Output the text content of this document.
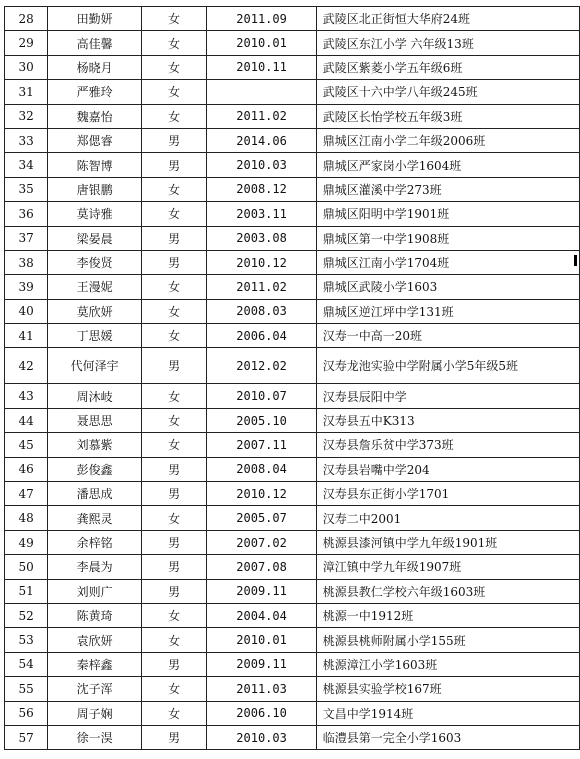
28	田勤妍	女	2011.09	武陵区北正街恒大华府24班
29	高佳馨	女	2010.01	武陵区东江小学 六年级13班
30	杨晓月	女	2010.11	武陵区紫菱小学五年级6班
31	严雅玲	女		武陵区十六中学八年级245班
32	魏嘉怡	女	2011.02	武陵区长怡学校五年级3班
33	郑偲睿	男	2014.06	鼎城区江南小学二年级2006班
34	陈智博	男	2010.03	鼎城区严家岗小学1604班
35	唐银鹏	女	2008.12	鼎城区灌溪中学273班
36	莫诗雅	女	2003.11	鼎城区阳明中学1901班
37	梁晏晨	男	2003.08	鼎城区第一中学1908班
38	李俊贤	男	2010.12	鼎城区江南小学1704班
39	王漫妮	女	2011.02	鼎城区武陵小学1603
40	莫欣妍	女	2008.03	鼎城区逆江坪中学131班
41	丁思媛	女	2006.04	汉寿一中高一20班
42	代何泽宇	男	2012.02	汉寿龙池实验中学附属小学5年级5班
43	周沐岐	女	2010.07	汉寿县辰阳中学
44	聂思思	女	2005.10	汉寿县五中K313
45	刘慕紫	女	2007.11	汉寿县詹乐贫中学373班
46	彭俊鑫	男	2008.04	汉寿县岩嘴中学204
47	潘思成	男	2010.12	汉寿县东正街小学1701
48	龚熙灵	女	2005.07	汉寿二中2001
49	余梓铭	男	2007.02	桃源县漆河镇中学九年级1901班
50	李晨为	男	2007.08	漳江镇中学九年级1907班
51	刘则广	男	2009.11	桃源县教仁学校六年级1603班
52	陈黄琦	女	2004.04	桃源一中1912班
53	袁欣妍	女	2010.01	桃源县桃师附属小学155班
54	秦梓鑫	男	2009.11	桃源漳江小学1603班
55	沈子浑	女	2011.03	桃源县实验学校167班
56	周子娴	女	2006.10	文昌中学1914班
57	徐一淏	男	2010.03	临澧县第一完全小学1603
